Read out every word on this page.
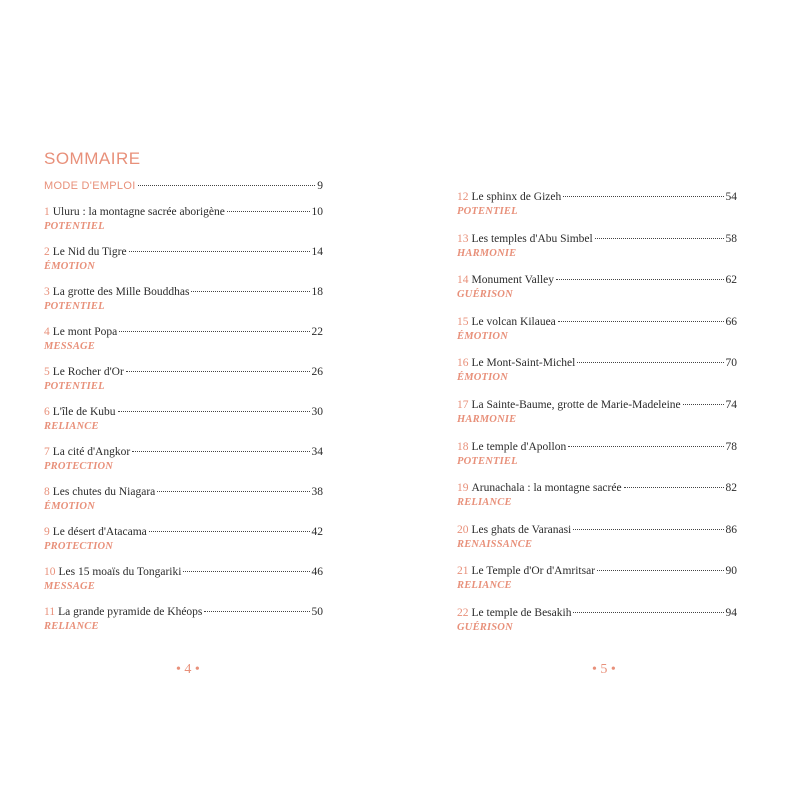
SOMMAIRE
MODE D'EMPLOI	9
1 Uluru : la montagne sacrée aborigène	10
POTENTIEL
2 Le Nid du Tigre	14
ÉMOTION
3 La grotte des Mille Bouddhas	18
POTENTIEL
4 Le mont Popa	22
MESSAGE
5 Le Rocher d'Or	26
POTENTIEL
6 L'île de Kubu	30
RELIANCE
7 La cité d'Angkor	34
PROTECTION
8 Les chutes du Niagara	38
ÉMOTION
9 Le désert d'Atacama	42
PROTECTION
10 Les 15 moaïs du Tongariki	46
MESSAGE
11 La grande pyramide de Khéops	50
RELIANCE
12 Le sphinx de Gizeh	54
POTENTIEL
13 Les temples d'Abu Simbel	58
HARMONIE
14 Monument Valley	62
GUÉRISON
15 Le volcan Kilauea	66
ÉMOTION
16 Le Mont-Saint-Michel	70
ÉMOTION
17 La Sainte-Baume, grotte de Marie-Madeleine	74
HARMONIE
18 Le temple d'Apollon	78
POTENTIEL
19 Arunachala : la montagne sacrée	82
RELIANCE
20 Les ghats de Varanasi	86
RENAISSANCE
21 Le Temple d'Or d'Amritsar	90
RELIANCE
22 Le temple de Besakih	94
GUÉRISON
• 4 •	• 5 •
